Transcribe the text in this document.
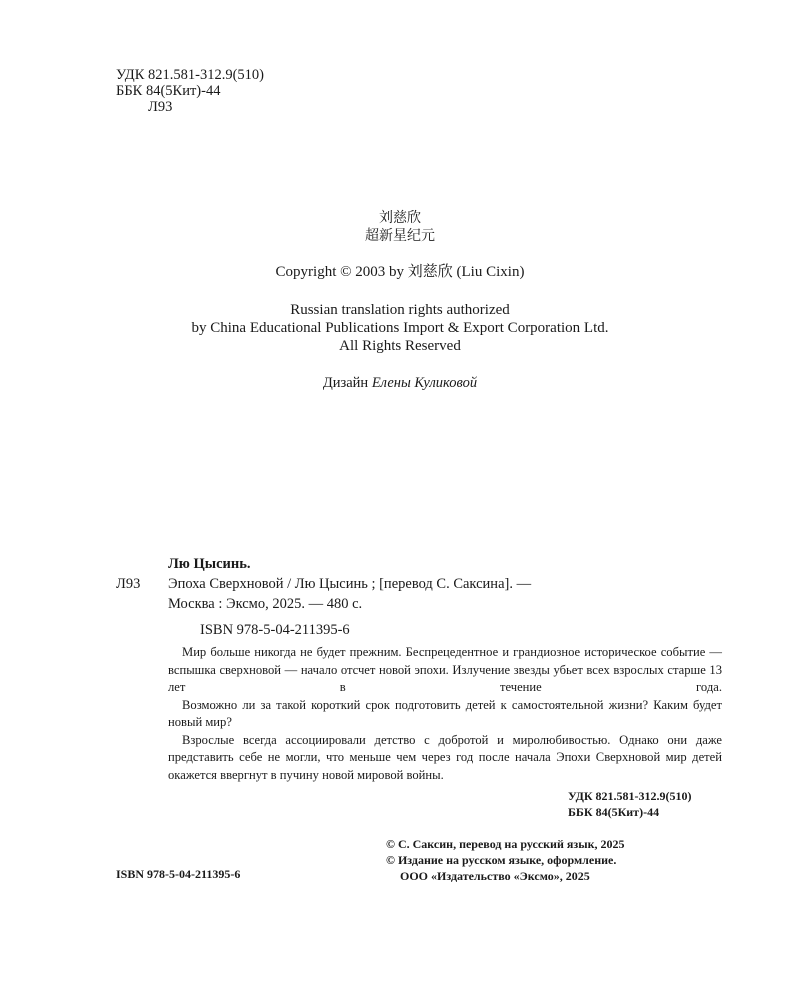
УДК 821.581-312.9(510)
ББК 84(5Кит)-44
Л93
刘慈欣
超新星纪元
Copyright © 2003 by 刘慈欣 (Liu Cixin)
Russian translation rights authorized
by China Educational Publications Import & Export Corporation Ltd.
All Rights Reserved
Дизайн Елены Куликовой
Лю Цысинь.
Л93 Эпоха Сверхновой / Лю Цысинь ; [перевод С. Саксина]. —
Москва : Эксмо, 2025. — 480 с.
ISBN 978-5-04-211395-6

Мир больше никогда не будет прежним. Беспрецедентное и грандиозное историческое событие — вспышка сверхновой — начало отсчет новой эпохи. Излучение звезды убьет всех взрослых старше 13 лет в течение года.

Возможно ли за такой короткий срок подготовить детей к самостоятельной жизни? Каким будет новый мир?

Взрослые всегда ассоциировали детство с добротой и миролюбивостью. Однако они даже представить себе не могли, что меньше чем через год после начала Эпохи Сверхновой мир детей окажется ввергнут в пучину новой мировой войны.

УДК 821.581-312.9(510)
ББК 84(5Кит)-44
ISBN 978-5-04-211395-6
© С. Саксин, перевод на русский язык, 2025
© Издание на русском языке, оформление.
ООО «Издательство «Эксмо», 2025
